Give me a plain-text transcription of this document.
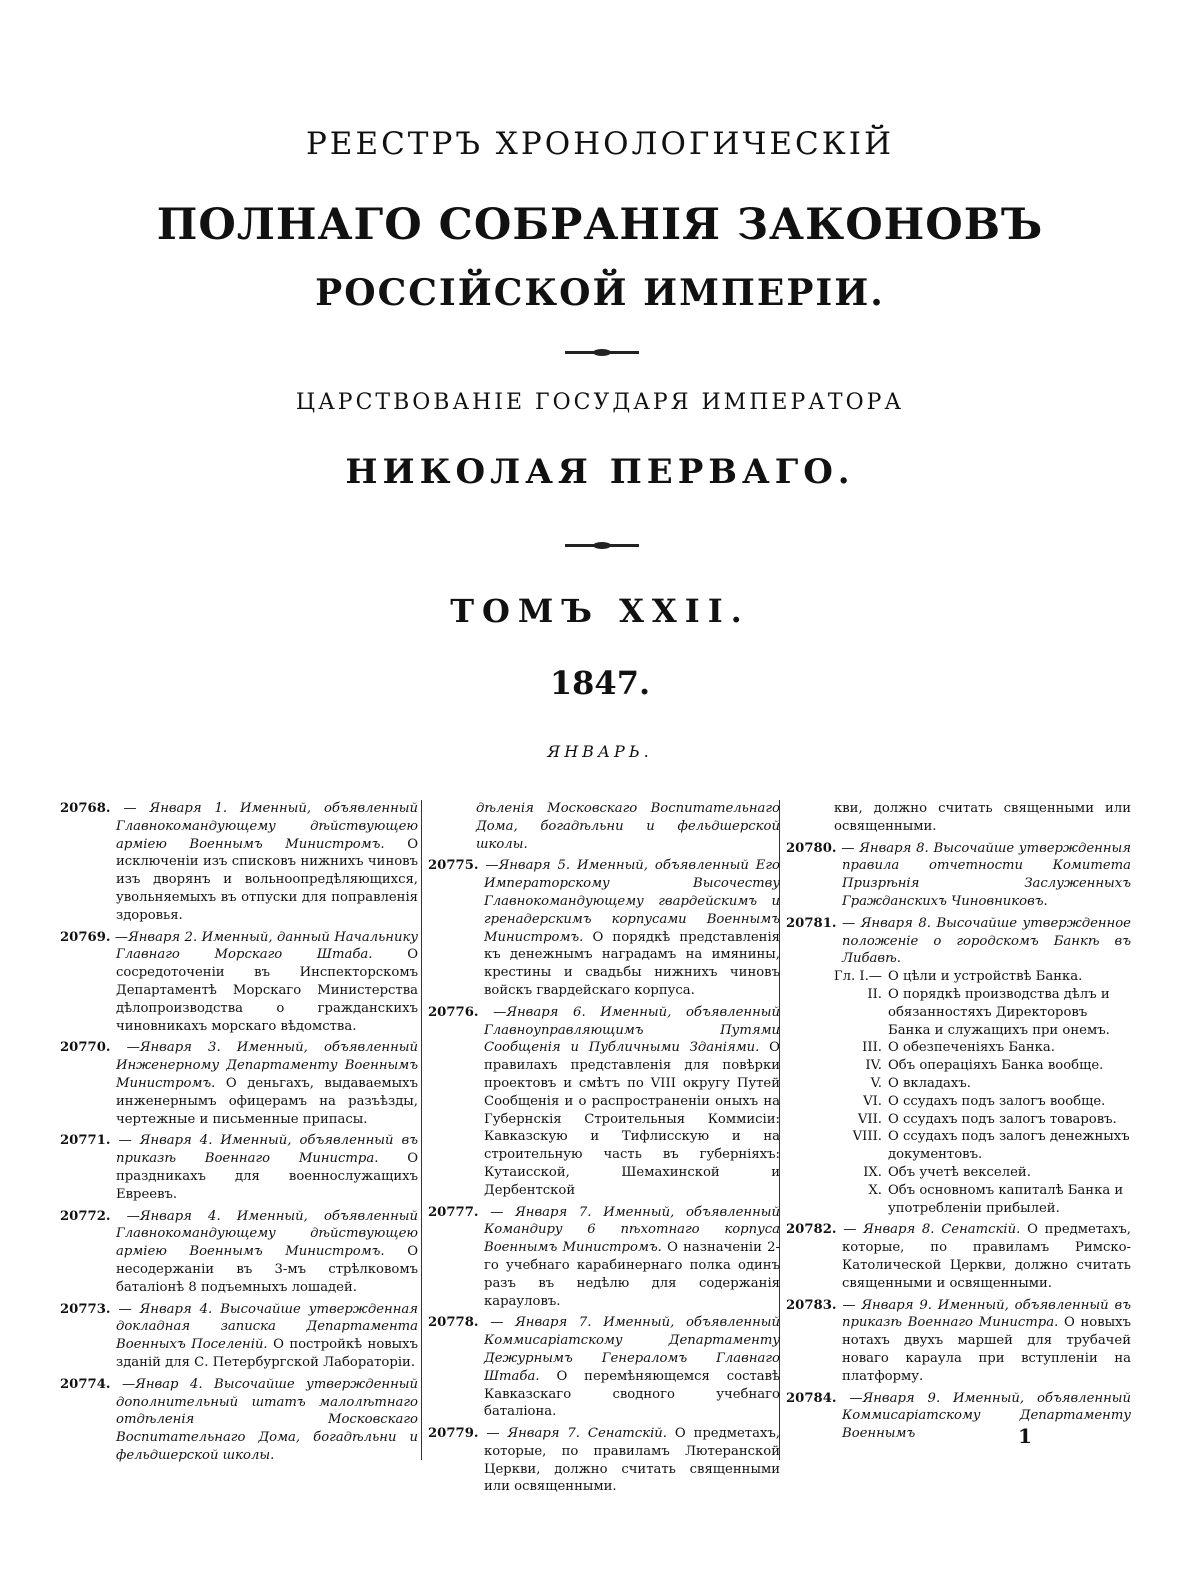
РЕЕСТРЪ ХРОНОЛОГИЧЕСКІЙ
ПОЛНАГО СОБРАНІЯ ЗАКОНОВЪ
РОССІЙСКОЙ ИМПЕРІИ.
ЦАРСТВОВАНІЕ ГОСУДАРЯ ИМПЕРАТОРА
НИКОЛАЯ ПЕРВАГО.
ТОМЪ XXII.
1847.
ЯНВАРЬ.

20768. — Января 1. Именный, объявленный Главнокомандующему дѣйствующею арміею Военнымъ Министромъ. О исключеніи изъ списковъ нижнихъ чиновъ изъ дворянъ и вольноопредѣляющихся, увольняемыхъ въ отпуски для поправленія здоровья.

20769. —Января 2. Именный, данный Начальнику Главнаго Морскаго Штаба.	О сосредоточеніи въ Инспекторскомъ Департаментѣ Морскаго Министерства дѣлопроизводства о гражданскихъ чиновникахъ морскаго вѣдомства.

20770. —Января 3. Именный, объявленный Инженерному Департаменту Военнымъ Министромъ. О деньгахъ, выдаваемыхъ инженернымъ офицерамъ на разъѣзды, чертежные и письменные припасы.

20771. — Января 4. Именный, объявленный въ приказѣ Военнаго Министра. О праздникахъ для военнослужащихъ Евреевъ.

20772. —Января 4. Именный, объявленный Главнокомандующему дѣйствующею арміею Военнымъ Министромъ. О несодержаніи въ 3-мъ стрѣлковомъ баталіонѣ 8 подъемныхъ лошадей.

20773. — Января 4. Высочайше утвержденная докладная записка Департамента Военныхъ Поселеній. О постройкѣ новыхъ зданій для С. Петербургской Лабораторіи.

20774. —Январ 4. Высочайше утвержденный дополнительный штатъ малолѣтнаго отдѣленія Московскаго Воспитательнаго Дома, богадѣльни и фельдшерской школы.

дѣленія Московскаго Воспитательнаго Дома, богадѣльни и фельдшерской школы.

20775. —Января 5. Именный, объявленный Его Императорскому Высочеству Главнокомандующему гвардейскимъ и гренадерскимъ корпусами Военнымъ Министромъ. О порядкѣ представленія къ денежнымъ наградамъ на имянины, крестины и свадьбы нижнихъ чиновъ войскъ гвардейскаго корпуса.

20776. —Января 6. Именный, объявленный Главноуправляющимъ Путями Сообщенія и Публичными Зданіями. О правилахъ представленія для повѣрки проектовъ и смѣтъ по VIII округу Путей Сообщенія и о распространеніи оныхъ на Губернскія Строительныя Коммисіи: Кавказскую и Тифлисскую и на строительную часть въ губерніяхъ: Кутаисской, Шемахинской и Дербентской

20777. — Января 7. Именный, объявленный Командиру 6 пѣхотнаго корпуса Военнымъ Министромъ. О назначеніи 2-го учебнаго карабинернаго полка одинъ разъ въ недѣлю для содержанія карауловъ.

20778. — Января 7. Именный, объявленный Коммисаріатскому Департаменту Дежурнымъ Генераломъ Главнаго Штаба. О перемѣняющемся составѣ Кавказскаго сводного учебнаго баталіона.

20779. — Января 7. Сенатскій. О предметахъ, которые, по правиламъ Лютеранской Церкви, должно считать священными или освященными.

кви, должно считать священными или освященными.

20780. — Января 8. Высочайше утвержденныя правила отчетности Комитета Призрѣнія Заслуженныхъ Гражданскихъ Чиновниковъ.

20781. — Января 8. Высочайше утвержденное положеніе о городскомъ Банкѣ въ Либавѣ.

Гл. I.— О цѣли и устройствѣ Банка.
II. О порядкѣ производства дѣлъ и обязанностяхъ Директоровъ Банка и служащихъ при онемъ.
III. О обезпеченіяхъ Банка.
IV. Объ операціяхъ Банка вообще.
V. О вкладахъ.
VI. О ссудахъ подъ залогъ вообще.
VII. О ссудахъ подъ залогъ товаровъ.
VIII. О ссудахъ подъ залогъ денежныхъ документовъ.
IX. Объ учетѣ векселей.
X. Объ основномъ капиталѣ Банка и употребленіи прибылей.

20782. — Января 8. Сенатскій. О предметахъ, которые, по правиламъ Римско-Католической Церкви, должно считать священными и освященными.

20783. — Января 9. Именный, объявленный въ приказѣ Военнаго Министра. О новыхъ нотахъ двухъ маршей для трубачей новаго караула при вступленіи на платформу.

20784. —Января 9. Именный, объявленный Коммисаріатскому Департаменту Военнымъ	1
